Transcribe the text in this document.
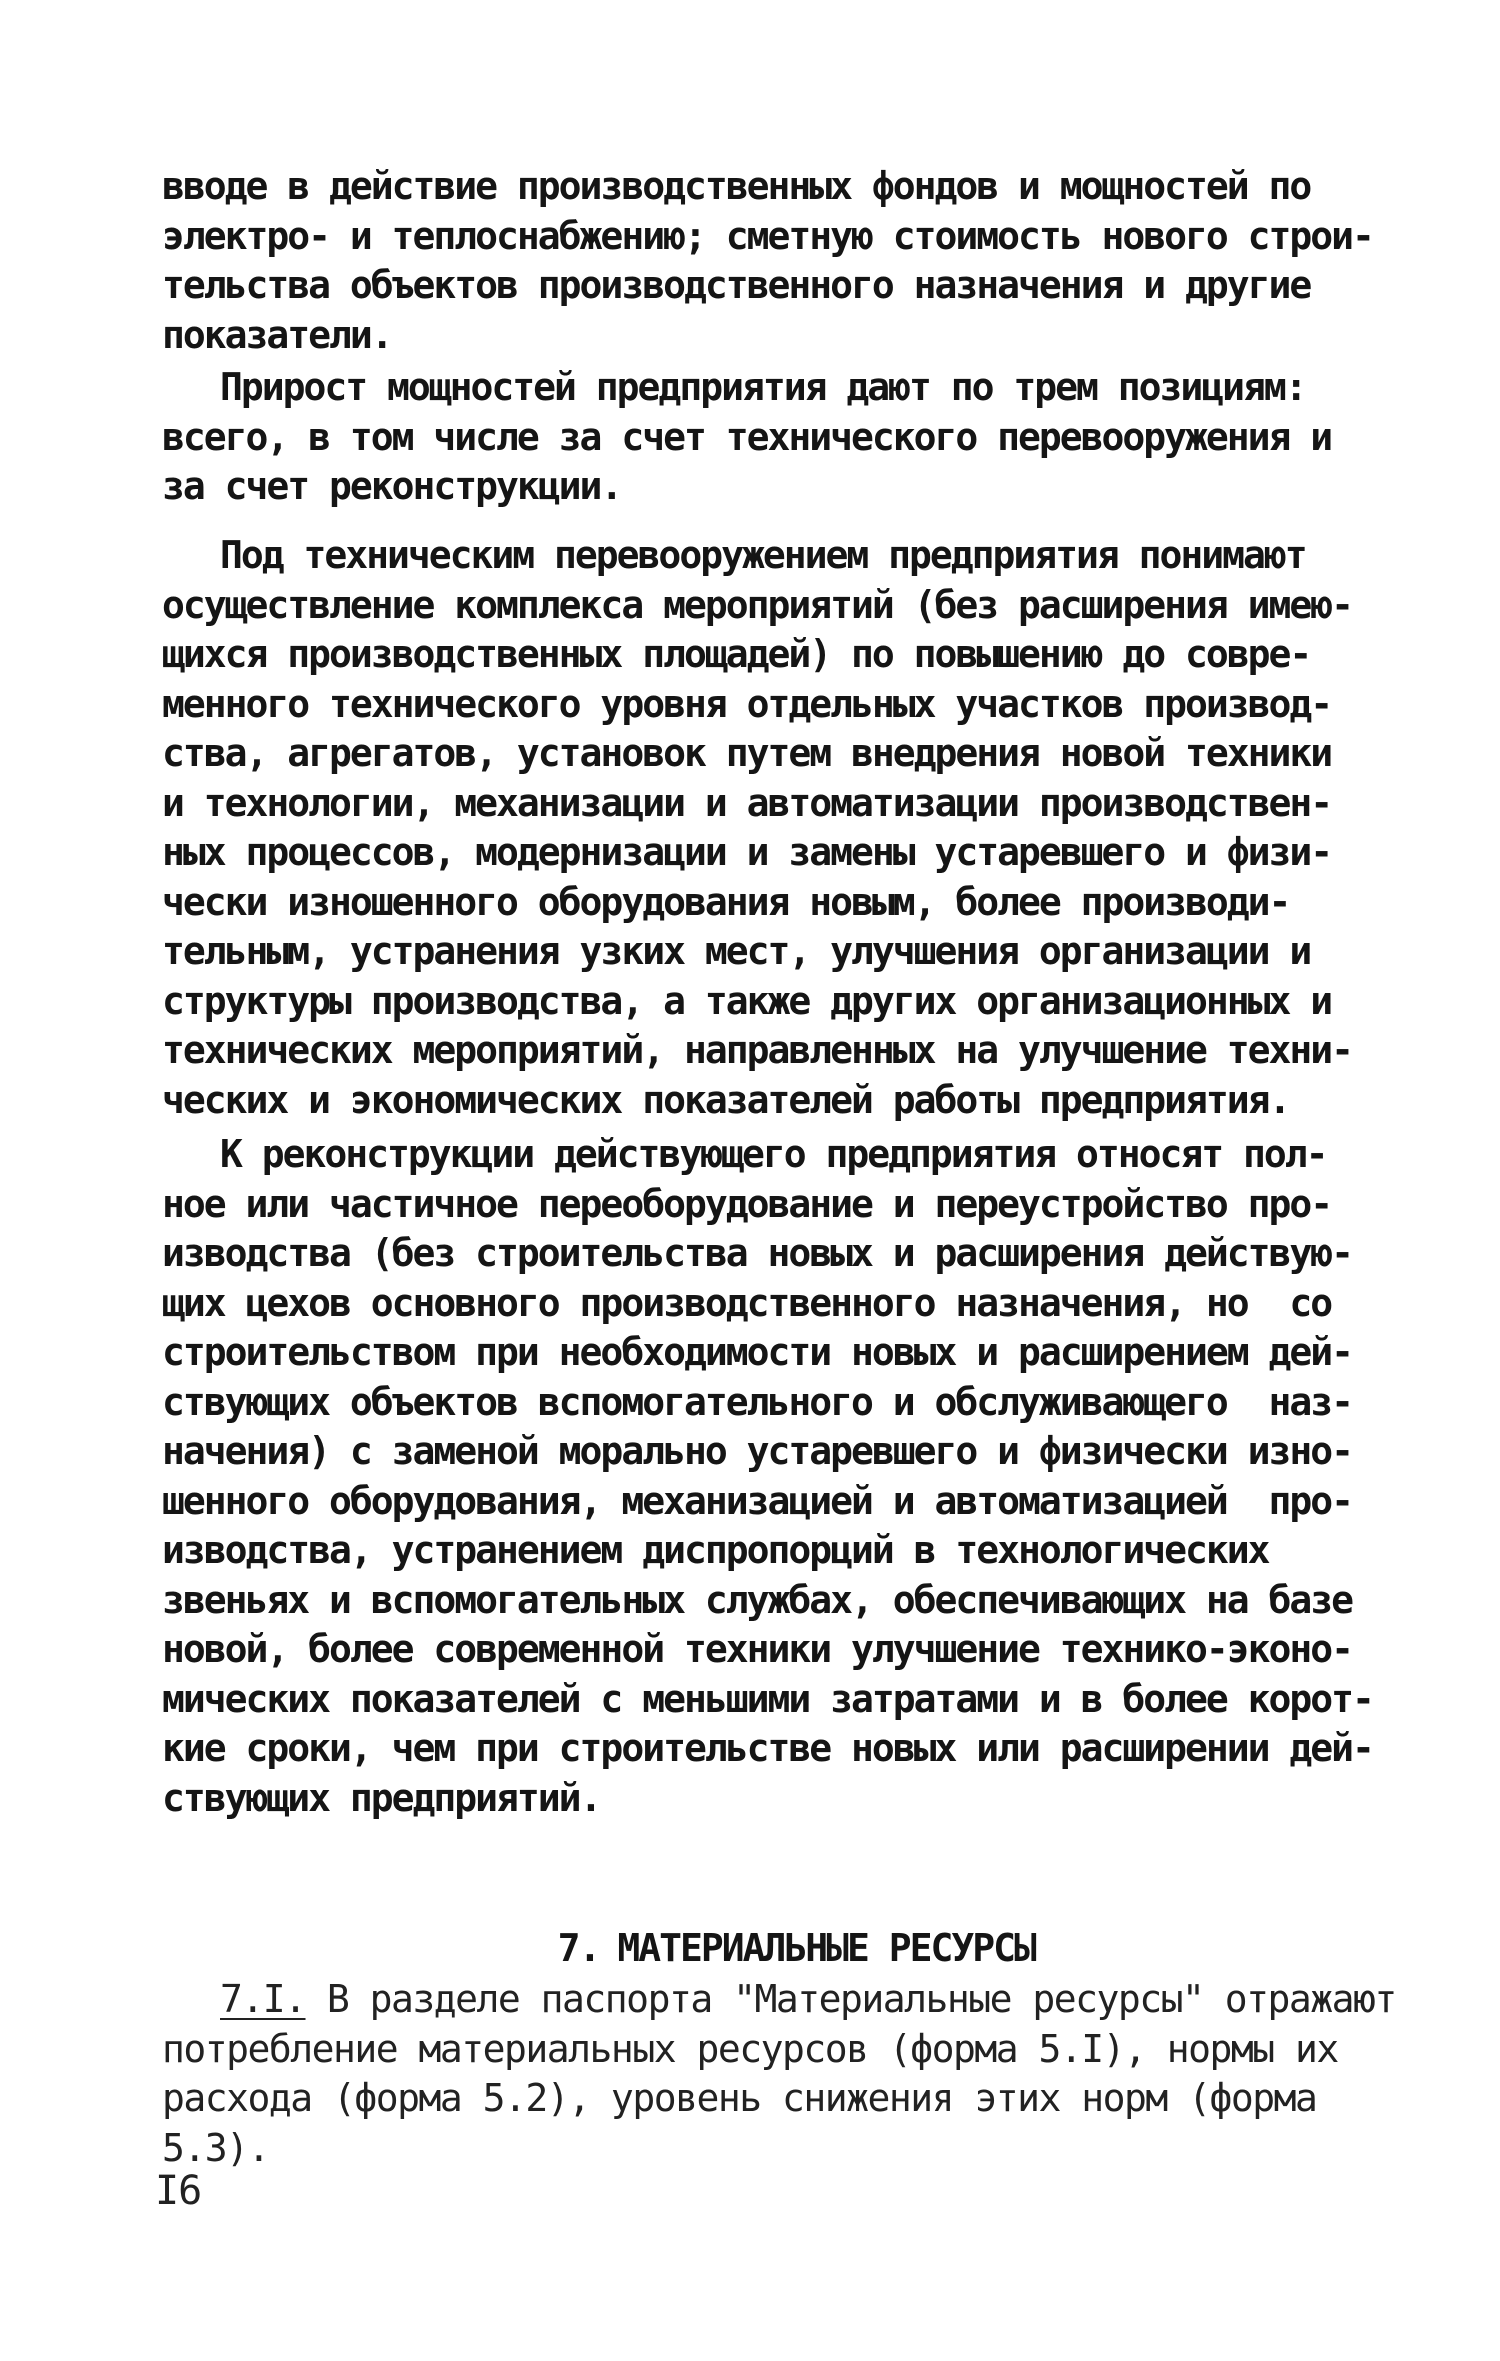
вводе в действие производственных фондов и мощностей по
электро- и теплоснабжению; сметную стоимость нового строи-
тельства объектов производственного назначения и другие
показатели.
Прирост мощностей предприятия дают по трем позициям:
всего, в том числе за счет технического перевооружения и
за счет реконструкции.
Под техническим перевооружением предприятия понимают
осуществление комплекса мероприятий (без расширения имею-
щихся производственных площадей) по повышению до совре-
менного технического уровня отдельных участков производ-
ства, агрегатов, установок путем внедрения новой техники
и технологии, механизации и автоматизации производствен-
ных процессов, модернизации и замены устаревшего и физи-
чески изношенного оборудования новым, более производи-
тельным, устранения узких мест, улучшения организации и
структуры производства, а также других организационных и
технических мероприятий, направленных на улучшение техни-
ческих и экономических показателей работы предприятия.
К реконструкции действующего предприятия относят пол-
ное или частичное переоборудование и переустройство про-
изводства (без строительства новых и расширения действую-
щих цехов основного производственного назначения, но  со
строительством при необходимости новых и расширением дей-
ствующих объектов вспомогательного и обслуживающего  наз-
начения) с заменой морально устаревшего и физически изно-
шенного оборудования, механизацией и автоматизацией  про-
изводства, устранением диспропорций в технологических
звеньях и вспомогательных службах, обеспечивающих на базе
новой, более современной техники улучшение технико-эконо-
мических показателей с меньшими затратами и в более корот-
кие сроки, чем при строительстве новых или расширении дей-
ствующих предприятий.

7. МАТЕРИАЛЬНЫЕ РЕСУРСЫ

7.I. В разделе паспорта "Материальные ресурсы" отражают
потребление материальных ресурсов (форма 5.I), нормы их
расхода (форма 5.2), уровень снижения этих норм (форма
5.3).
I6
